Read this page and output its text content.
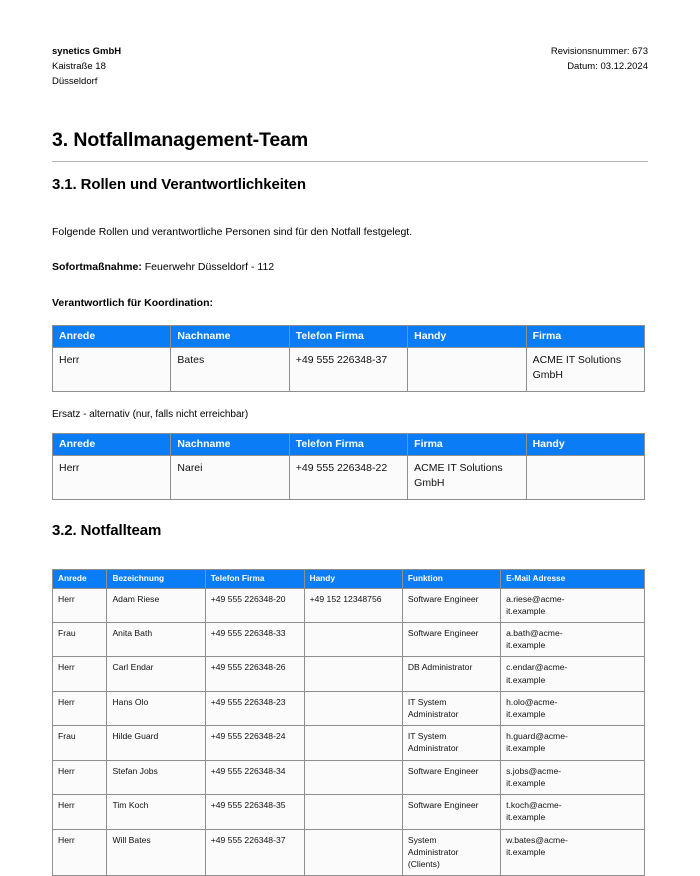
synetics GmbH
Kaistraße 18
Düsseldorf
Revisionsnummer: 673
Datum: 03.12.2024
3. Notfallmanagement-Team
3.1. Rollen und Verantwortlichkeiten

Folgende Rollen und verantwortliche Personen sind für den Notfall festgelegt.

Sofortmaßnahme: Feuerwehr Düsseldorf - 112

Verantwortlich für Koordination:

Anrede	Nachname	Telefon Firma	Handy	Firma
Herr	Bates	+49 555 226348-37		ACME IT Solutions GmbH

Ersatz - alternativ (nur, falls nicht erreichbar)

Anrede	Nachname	Telefon Firma	Firma	Handy
Herr	Narei	+49 555 226348-22	ACME IT Solutions GmbH	
3.2. Notfallteam
Anrede	Bezeichnung	Telefon Firma	Handy	Funktion	E-Mail Adresse
Herr	Adam Riese	+49 555 226348-20	+49 152 12348756	Software Engineer	a.riese@acme-
it.example

Frau	Anita Bath	+49 555 226348-33		Software Engineer	a.bath@acme-
it.example

Herr	Carl Endar	+49 555 226348-26		DB Administrator	c.endar@acme-
it.example

Herr	Hans Olo	+49 555 226348-23		IT System
Administrator	h.olo@acme-
it.example

Frau	Hilde Guard	+49 555 226348-24		IT System
Administrator	h.guard@acme-
it.example

Herr	Stefan Jobs	+49 555 226348-34		Software Engineer	s.jobs@acme-
it.example

Herr	Tim Koch	+49 555 226348-35		Software Engineer	t.koch@acme-
it.example

Herr	Will Bates	+49 555 226348-37		System
Administrator
(Clients)	w.bates@acme-
it.example
